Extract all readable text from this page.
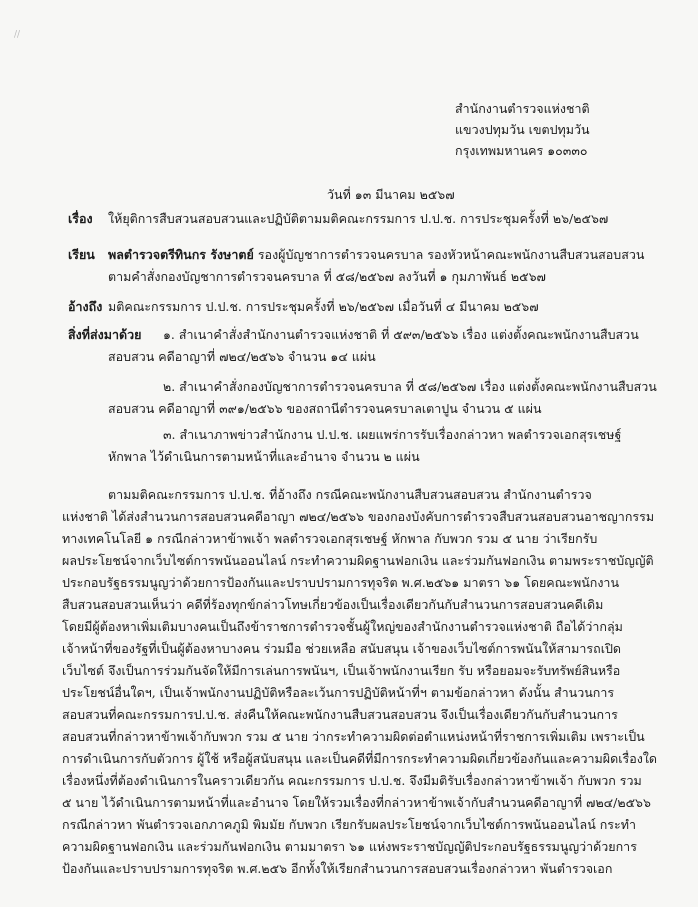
//
สำนักงานตำรวจแห่งชาติ
แขวงปทุมวัน เขตปทุมวัน
กรุงเทพมหานคร ๑๐๓๓๐
วันที่ ๑๓ มีนาคม ๒๕๖๗
เรื่อง ให้ยุติการสืบสวนสอบสวนและปฏิบัติตามมติคณะกรรมการ ป.ป.ช. การประชุมครั้งที่ ๒๖/๒๕๖๗
เรียน พลตำรวจตรีทินกร รังษาตย์ รองผู้บัญชาการตำรวจนครบาล รองหัวหน้าคณะพนักงานสืบสวนสอบสวน
ตามคำสั่งกองบัญชาการตำรวจนครบาล ที่ ๕๘/๒๕๖๗ ลงวันที่ ๑ กุมภาพันธ์ ๒๕๖๗
อ้างถึง มติคณะกรรมการ ป.ป.ช. การประชุมครั้งที่ ๒๖/๒๕๖๗ เมื่อวันที่ ๔ มีนาคม ๒๕๖๗
สิ่งที่ส่งมาด้วย ๑. สำเนาคำสั่งสำนักงานตำรวจแห่งชาติ ที่ ๕๙๓/๒๕๖๖ เรื่อง แต่งตั้งคณะพนักงานสืบสวน
สอบสวน คดีอาญาที่ ๗๒๔/๒๕๖๖ จำนวน ๑๔ แผ่น
๒. สำเนาคำสั่งกองบัญชาการตำรวจนครบาล ที่ ๕๘/๒๕๖๗ เรื่อง แต่งตั้งคณะพนักงานสืบสวน
สอบสวน คดีอาญาที่ ๓๙๑/๒๕๖๖ ของสถานีตำรวจนครบาลเตาปูน จำนวน ๕ แผ่น
๓. สำเนาภาพข่าวสำนักงาน ป.ป.ช. เผยแพร่การรับเรื่องกล่าวหา พลตำรวจเอกสุรเชษฐ์
หักพาล ไว้ดำเนินการตามหน้าที่และอำนาจ จำนวน ๒ แผ่น
ตามมติคณะกรรมการ ป.ป.ช. ที่อ้างถึง กรณีคณะพนักงานสืบสวนสอบสวน สำนักงานตำรวจ
แห่งชาติ ได้ส่งสำนวนการสอบสวนคดีอาญา ๗๒๔/๒๕๖๖ ของกองบังคับการตำรวจสืบสวนสอบสวนอาชญากรรม
ทางเทคโนโลยี ๑ กรณีกล่าวหาข้าพเจ้า พลตำรวจเอกสุรเชษฐ์ หักพาล กับพวก รวม ๕ นาย ว่าเรียกรับ
ผลประโยชน์จากเว็บไซต์การพนันออนไลน์ กระทำความผิดฐานฟอกเงิน และร่วมกันฟอกเงิน ตามพระราชบัญญัติ
ประกอบรัฐธรรมนูญว่าด้วยการป้องกันและปราบปรามการทุจริต พ.ศ.๒๕๖๑ มาตรา ๖๑ โดยคณะพนักงาน
สืบสวนสอบสวนเห็นว่า คดีที่ร้องทุกข์กล่าวโทษเกี่ยวข้องเป็นเรื่องเดียวกันกับสำนวนการสอบสวนคดีเดิม
โดยมีผู้ต้องหาเพิ่มเติมบางคนเป็นถึงข้าราชการตำรวจชั้นผู้ใหญ่ของสำนักงานตำรวจแห่งชาติ ถือได้ว่ากลุ่ม
เจ้าหน้าที่ของรัฐที่เป็นผู้ต้องหาบางคน ร่วมมือ ช่วยเหลือ สนับสนุน เจ้าของเว็บไซต์การพนันให้สามารถเปิด
เว็บไซต์ จึงเป็นการร่วมกันจัดให้มีการเล่นการพนันฯ, เป็นเจ้าพนักงานเรียก รับ หรือยอมจะรับทรัพย์สินหรือ
ประโยชน์อื่นใดฯ, เป็นเจ้าพนักงานปฏิบัติหรือละเว้นการปฏิบัติหน้าที่ฯ ตามข้อกล่าวหา ดังนั้น สำนวนการ
สอบสวนที่คณะกรรมการป.ป.ช. ส่งคืนให้คณะพนักงานสืบสวนสอบสวน จึงเป็นเรื่องเดียวกันกับสำนวนการ
สอบสวนที่กล่าวหาข้าพเจ้ากับพวก รวม ๕ นาย ว่ากระทำความผิดต่อตำแหน่งหน้าที่ราชการเพิ่มเติม เพราะเป็น
การดำเนินการกับตัวการ ผู้ใช้ หรือผู้สนับสนุน และเป็นคดีที่มีการกระทำความผิดเกี่ยวข้องกันและความผิดเรื่องใด
เรื่องหนึ่งที่ต้องดำเนินการในคราวเดียวกัน คณะกรรมการ ป.ป.ช. จึงมีมติรับเรื่องกล่าวหาข้าพเจ้า กับพวก รวม
๕ นาย ไว้ดำเนินการตามหน้าที่และอำนาจ โดยให้รวมเรื่องที่กล่าวหาข้าพเจ้ากับสำนวนคดีอาญาที่ ๗๒๔/๒๕๖๖
กรณีกล่าวหา พันตำรวจเอกภาคภูมิ พิมมัย กับพวก เรียกรับผลประโยชน์จากเว็บไซต์การพนันออนไลน์ กระทำ
ความผิดฐานฟอกเงิน และร่วมกันฟอกเงิน ตามมาตรา ๖๑ แห่งพระราชบัญญัติประกอบรัฐธรรมนูญว่าด้วยการ
ป้องกันและปราบปรามการทุจริต พ.ศ.๒๕๖ อีกทั้งให้เรียกสำนวนการสอบสวนเรื่องกล่าวหา พันตำรวจเอก
